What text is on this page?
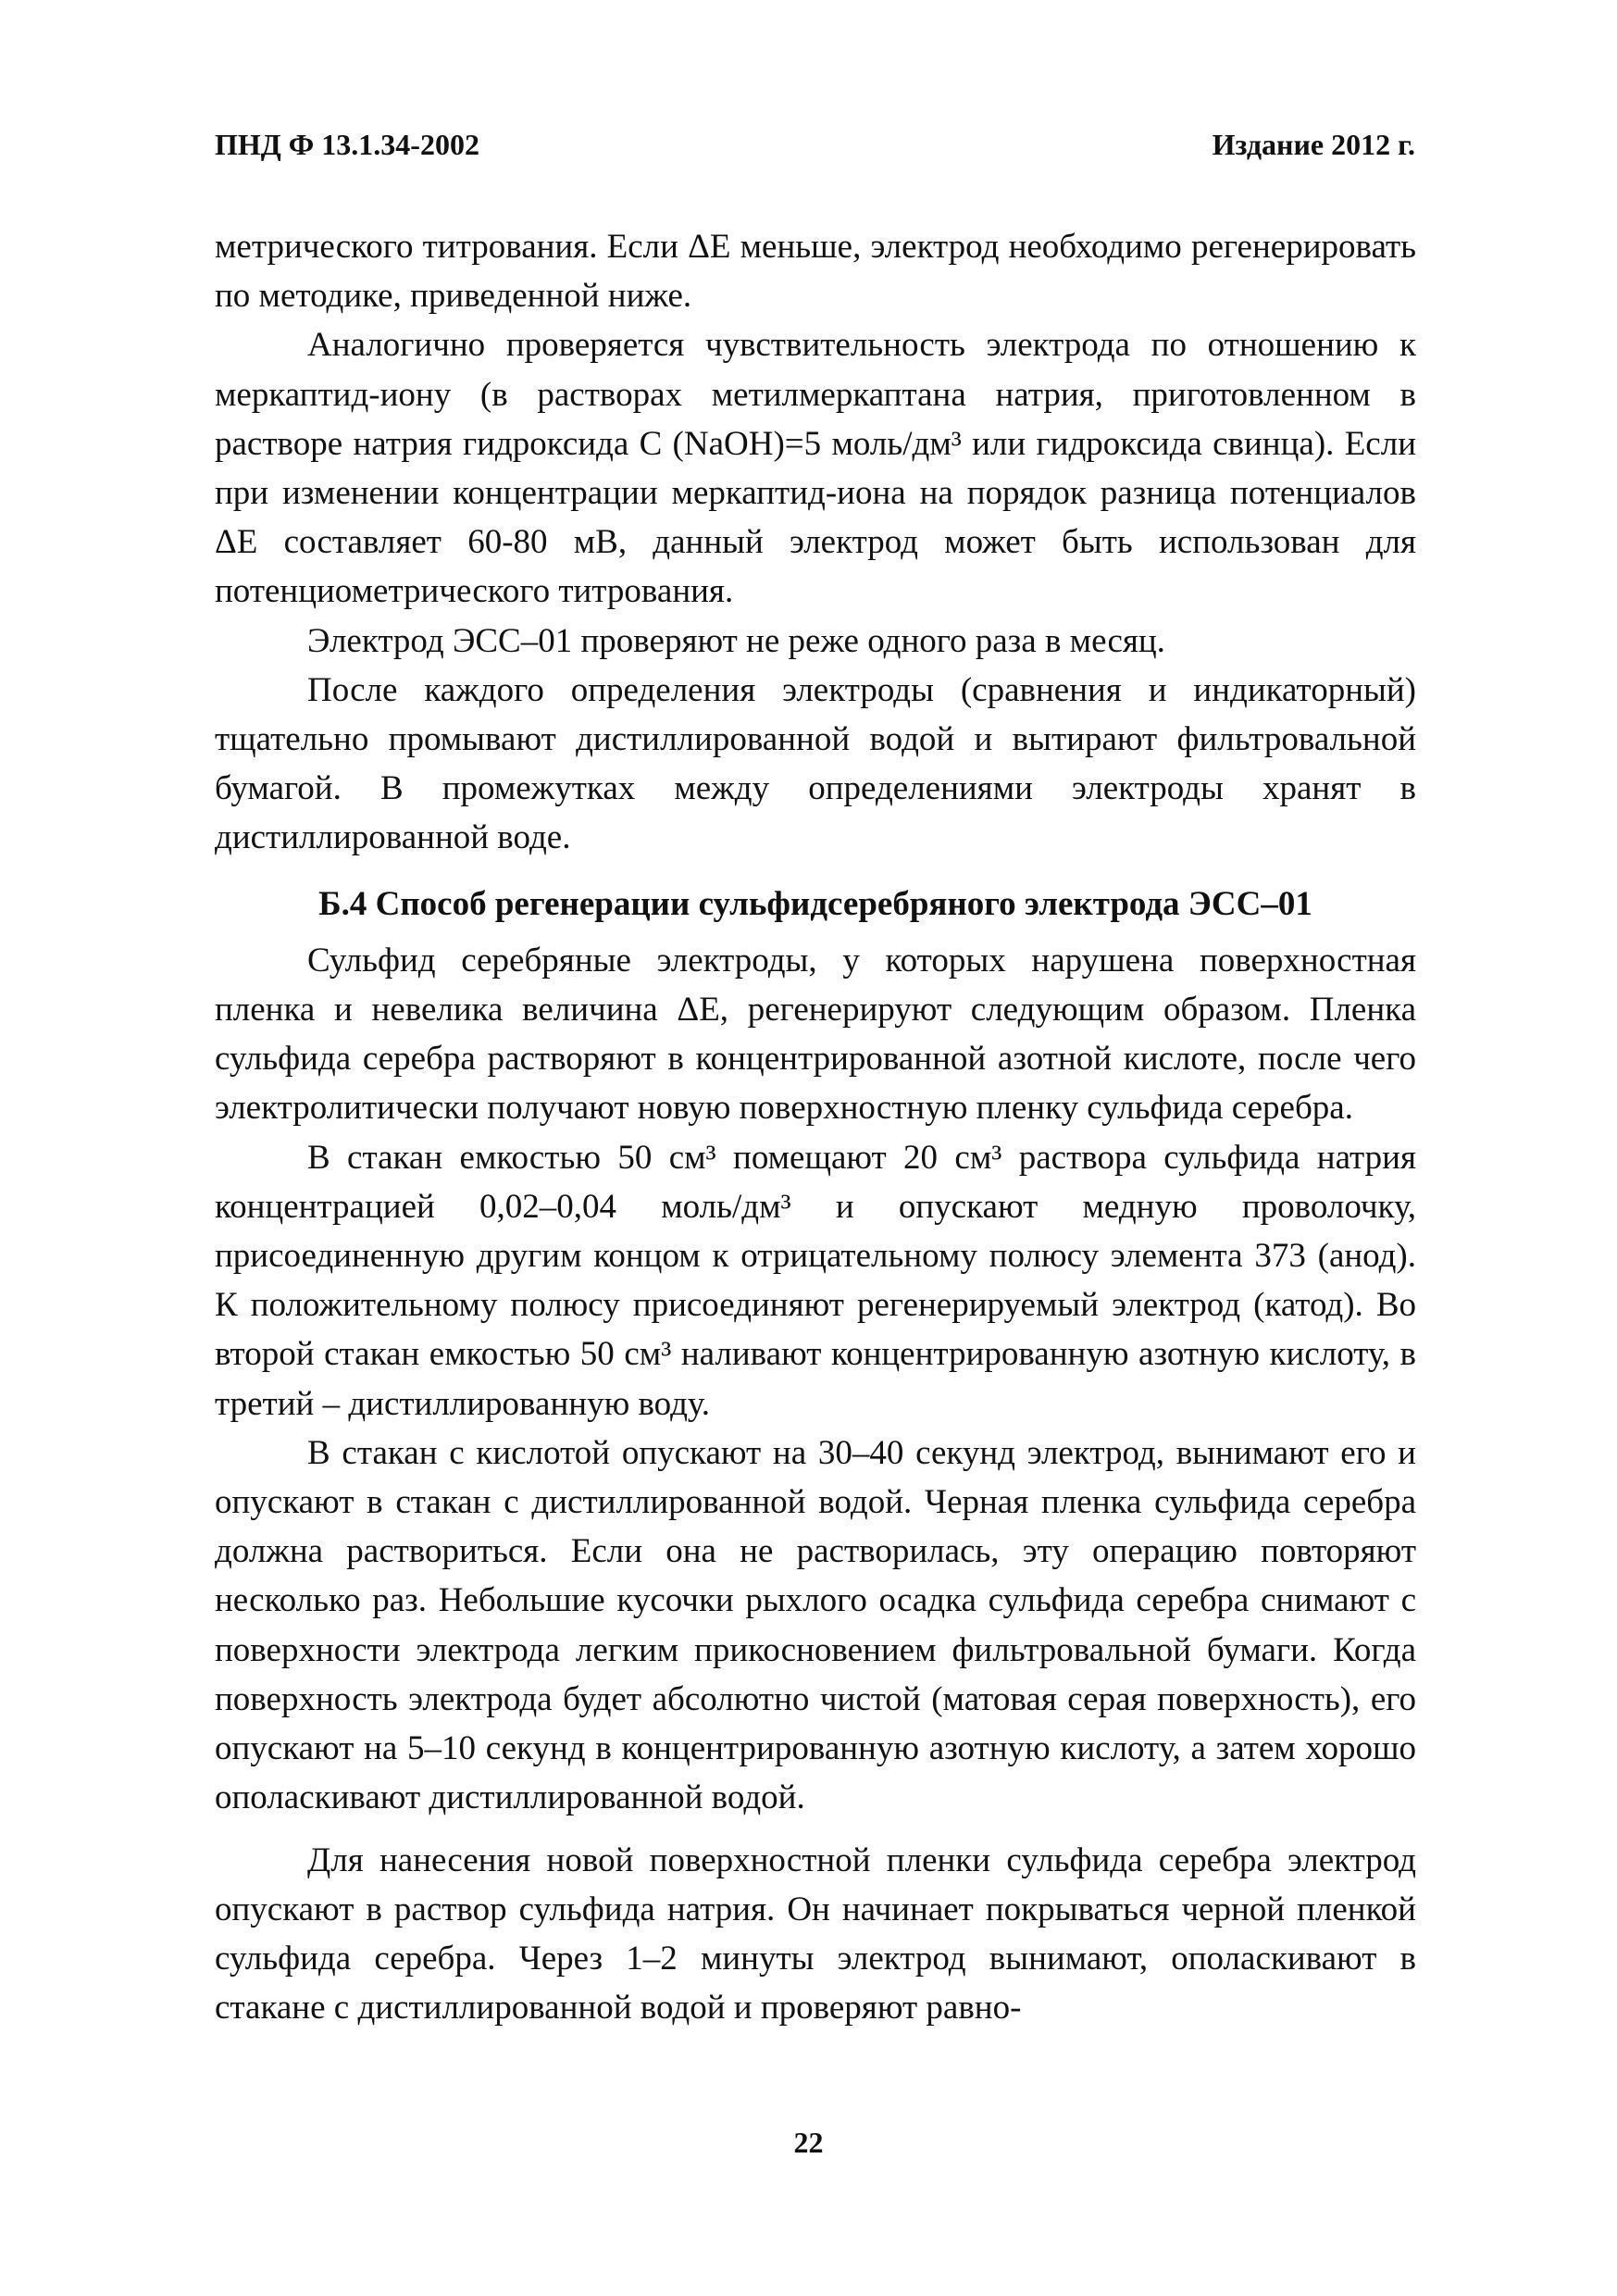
ПНД Ф 13.1.34-2002	Издание 2012 г.

метрического титрования. Если ΔЕ меньше, электрод необходимо регенерировать по методике, приведенной ниже.

Аналогично проверяется чувствительность электрода по отношению к меркаптид-иону (в растворах метилмеркаптана натрия, приготовленном в растворе натрия гидроксида С (NaOH)=5 моль/дм³ или гидроксида свинца). Если при изменении концентрации меркаптид-иона на порядок разница потенциалов ΔЕ составляет 60-80 мВ, данный электрод может быть использован для потенциометрического титрования.

Электрод ЭСС–01 проверяют не реже одного раза в месяц.

После каждого определения электроды (сравнения и индикаторный) тщательно промывают дистиллированной водой и вытирают фильтровальной бумагой. В промежутках между определениями электроды хранят в дистиллированной воде.

Б.4 Способ регенерации сульфидсеребряного электрода ЭСС–01

Сульфид серебряные электроды, у которых нарушена поверхностная пленка и невелика величина ΔЕ, регенерируют следующим образом. Пленка сульфида серебра растворяют в концентрированной азотной кислоте, после чего электролитически получают новую поверхностную пленку сульфида серебра.

В стакан емкостью 50 см³ помещают 20 см³ раствора сульфида натрия концентрацией 0,02–0,04 моль/дм³ и опускают медную проволочку, присоединенную другим концом к отрицательному полюсу элемента 373 (анод). К положительному полюсу присоединяют регенерируемый электрод (катод). Во второй стакан емкостью 50 см³ наливают концентрированную азотную кислоту, в третий – дистиллированную воду.

В стакан с кислотой опускают на 30–40 секунд электрод, вынимают его и опускают в стакан с дистиллированной водой. Черная пленка сульфида серебра должна раствориться. Если она не растворилась, эту операцию повторяют несколько раз. Небольшие кусочки рыхлого осадка сульфида серебра снимают с поверхности электрода легким прикосновением фильтровальной бумаги. Когда поверхность электрода будет абсолютно чистой (матовая серая поверхность), его опускают на 5–10 секунд в концентрированную азотную кислоту, а затем хорошо ополаскивают дистиллированной водой.

Для нанесения новой поверхностной пленки сульфида серебра электрод опускают в раствор сульфида натрия. Он начинает покрываться черной пленкой сульфида серебра. Через 1–2 минуты электрод вынимают, ополаскивают в стакане с дистиллированной водой и проверяют равно-

22
